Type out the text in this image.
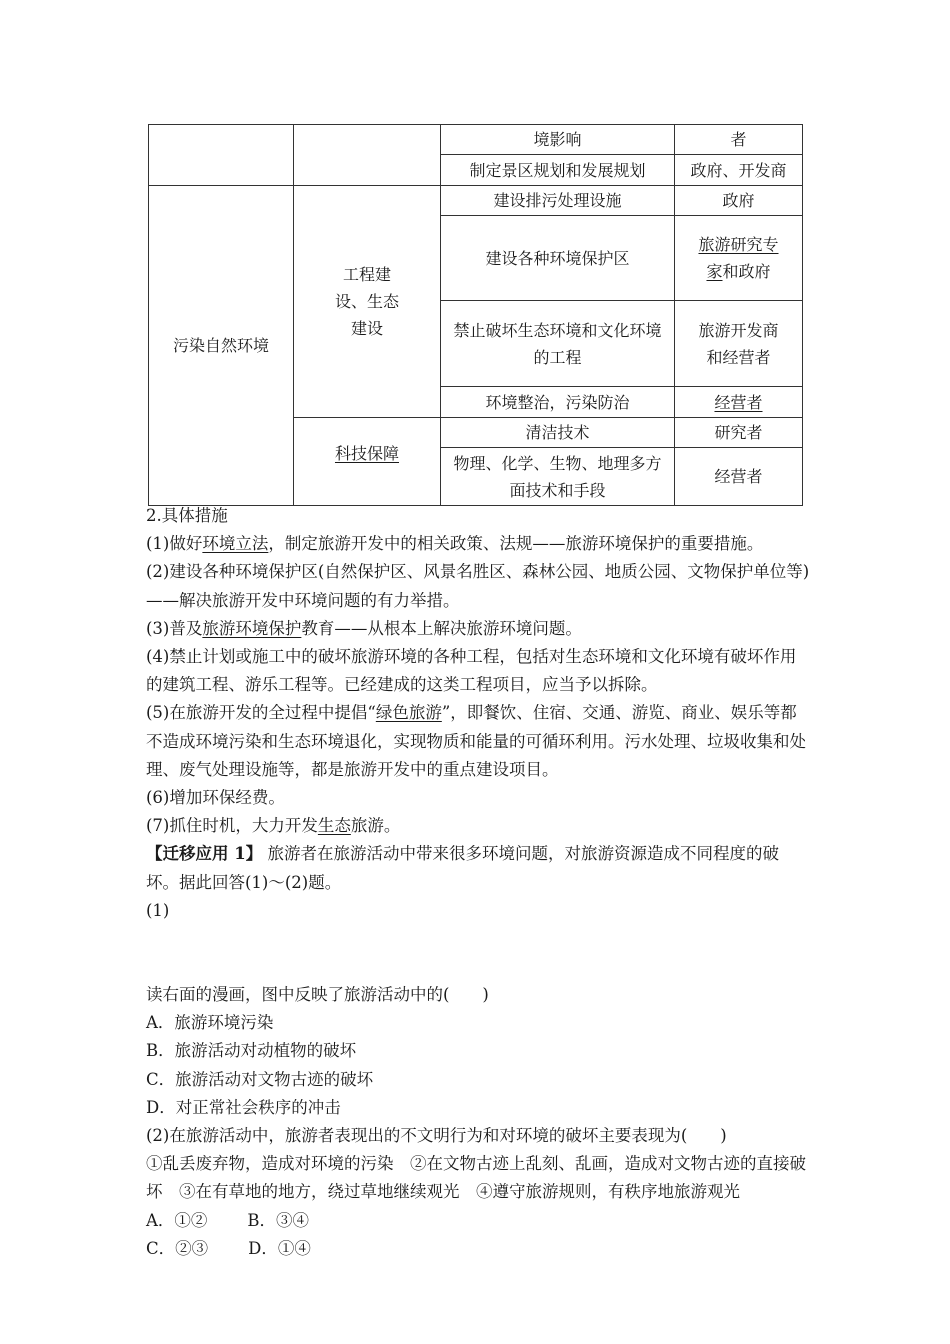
		境影响	者
		制定景区规划和发展规划	政府、开发商
污染自然环境	工程建设、生态建设	建设排污处理设施	政府
		建设各种环境保护区	旅游研究专家和政府
		禁止破坏生态环境和文化环境的工程	旅游开发商和经营者
		环境整治，污染防治	经营者
	科技保障	清洁技术	研究者
		物理、化学、生物、地理多方面技术和手段	经营者

2.具体措施

(1)做好环境立法，制定旅游开发中的相关政策、法规——旅游环境保护的重要措施。

(2)建设各种环境保护区(自然保护区、风景名胜区、森林公园、地质公园、文物保护单位等)——解决旅游开发中环境问题的有力举措。

(3)普及旅游环境保护教育——从根本上解决旅游环境问题。

(4)禁止计划或施工中的破坏旅游环境的各种工程，包括对生态环境和文化环境有破坏作用的建筑工程、游乐工程等。已经建成的这类工程项目，应当予以拆除。

(5)在旅游开发的全过程中提倡“绿色旅游”，即餐饮、住宿、交通、游览、商业、娱乐等都不造成环境污染和生态环境退化，实现物质和能量的可循环利用。污水处理、垃圾收集和处理、废气处理设施等，都是旅游开发中的重点建设项目。

(6)增加环保经费。

(7)抓住时机，大力开发生态旅游。

【迁移应用 1】 旅游者在旅游活动中带来很多环境问题，对旅游资源造成不同程度的破坏。据此回答(1)～(2)题。

(1)

读右面的漫画，图中反映了旅游活动中的(　　)

A．旅游环境污染

B．旅游活动对动植物的破坏

C．旅游活动对文物古迹的破坏

D．对正常社会秩序的冲击

(2)在旅游活动中，旅游者表现出的不文明行为和对环境的破坏主要表现为(　　)

①乱丢废弃物，造成对环境的污染　②在文物古迹上乱刻、乱画，造成对文物古迹的直接破坏　③在有草地的地方，绕过草地继续观光　④遵守旅游规则，有秩序地旅游观光

A．①② B．③④

C．②③ D．①④
